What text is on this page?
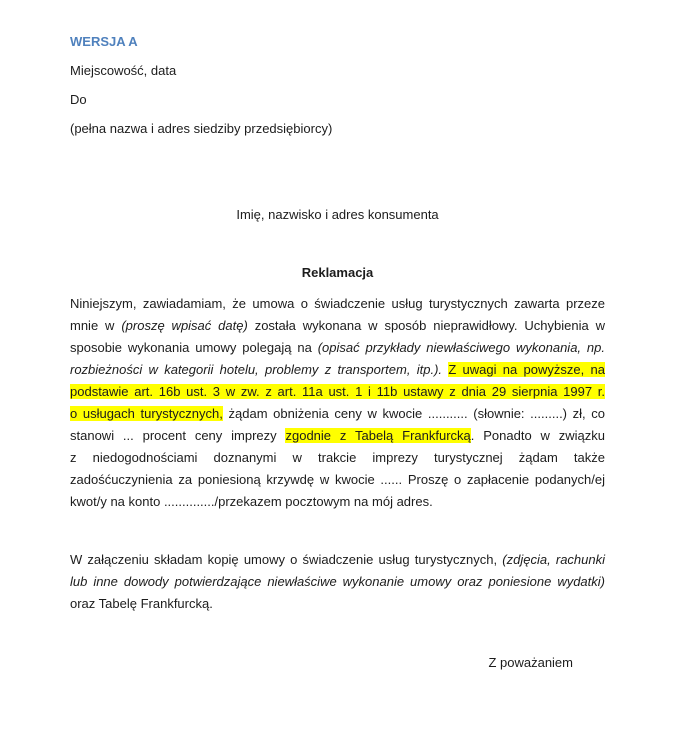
WERSJA A
Miejscowość, data
Do
(pełna nazwa i adres siedziby przedsiębiorcy)
Imię, nazwisko i adres konsumenta
Reklamacja
Niniejszym, zawiadamiam, że umowa o świadczenie usług turystycznych zawarta przeze
mnie w (proszę wpisać datę) została wykonana w sposób nieprawidłowy. Uchybienia w
sposobie wykonania umowy polegają na (opisać przykłady niewłaściwego wykonania, np.
rozbieżności w kategorii hotelu, problemy z transportem, itp.). Z uwagi na powyższe, na
podstawie art. 16b ust. 3 w zw. z art. 11a ust. 1 i 11b ustawy z dnia 29 sierpnia 1997 r.
o usługach turystycznych, żądam obniżenia ceny w kwocie ........... (słownie: .........) zł, co
stanowi ... procent ceny imprezy zgodnie z Tabelą Frankfurcką. Ponadto w związku
z niedogodnościami doznanymi w trakcie imprezy turystycznej żądam także
zadośćuczynienia za poniesioną krzywdę w kwocie ...... Proszę o zapłacenie podanych/ej
kwot/y na konto ............../przekazem pocztowym na mój adres.
W załączeniu składam kopię umowy o świadczenie usług turystycznych, (zdjęcia, rachunki
lub inne dowody potwierdzające niewłaściwe wykonanie umowy oraz poniesione wydatki)
oraz Tabelę Frankfurcką.
Z poważaniem
